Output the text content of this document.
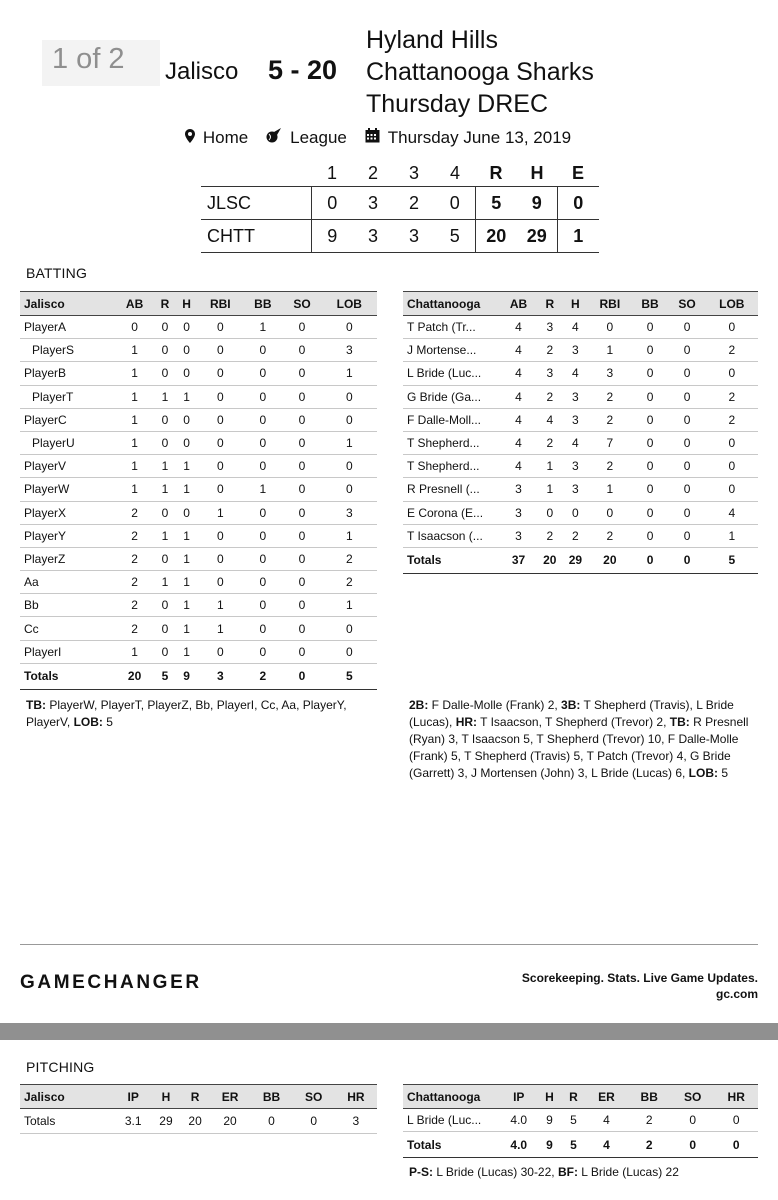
1 of 2	Jalisco 5 - 20
Hyland Hills
Chattanooga Sharks
Thursday DREC
Home	League	Thursday June 13, 2019
	1	2	3	4	R	H	E
JLSC	0	3	2	0	5	9	0
CHTT	9	3	3	5	20	29	1
BATTING
Jalisco	AB	R	H	RBI	BB	SO	LOB
PlayerA	0	0	0	0	1	0	0
PlayerS	1	0	0	0	0	0	3
PlayerB	1	0	0	0	0	0	1
PlayerT	1	1	1	0	0	0	0
PlayerC	1	0	0	0	0	0	0
PlayerU	1	0	0	0	0	0	1
PlayerV	1	1	1	0	0	0	0
PlayerW	1	1	1	0	1	0	0
PlayerX	2	0	0	1	0	0	3
PlayerY	2	1	1	0	0	0	1
PlayerZ	2	0	1	0	0	0	2
Aa	2	1	1	0	0	0	2
Bb	2	0	1	1	0	0	1
Cc	2	0	1	1	0	0	0
PlayerI	1	0	1	0	0	0	0
Totals	20	5	9	3	2	0	5
Chattanooga	AB	R	H	RBI	BB	SO	LOB
T Patch (Tr...	4	3	4	0	0	0	0
J Mortense...	4	2	3	1	0	0	2
L Bride (Luc...	4	3	4	3	0	0	0
G Bride (Ga...	4	2	3	2	0	0	2
F Dalle-Moll...	4	4	3	2	0	0	2
T Shepherd...	4	2	4	7	0	0	0
T Shepherd...	4	1	3	2	0	0	0
R Presnell (...	3	1	3	1	0	0	0
E Corona (E...	3	0	0	0	0	0	4
T Isaacson (...	3	2	2	2	0	0	1
Totals	37	20	29	20	0	0	5
TB: PlayerW, PlayerT, PlayerZ, Bb, PlayerI, Cc, Aa, PlayerY, PlayerV, LOB: 5
2B: F Dalle-Molle (Frank) 2, 3B: T Shepherd (Travis), L Bride (Lucas), HR: T Isaacson, T Shepherd (Trevor) 2, TB: R Presnell (Ryan) 3, T Isaacson 5, T Shepherd (Trevor) 10, F Dalle-Molle (Frank) 5, T Shepherd (Travis) 5, T Patch (Trevor) 4, G Bride (Garrett) 3, J Mortensen (John) 3, L Bride (Lucas) 6, LOB: 5
GAMECHANGER	Scorekeeping. Stats. Live Game Updates.
gc.com
PITCHING
Jalisco	IP	H	R	ER	BB	SO	HR
Totals	3.1	29	20	20	0	0	3
Chattanooga	IP	H	R	ER	BB	SO	HR
L Bride (Luc...	4.0	9	5	4	2	0	0
Totals	4.0	9	5	4	2	0	0
P-S: L Bride (Lucas) 30-22, BF: L Bride (Lucas) 22
